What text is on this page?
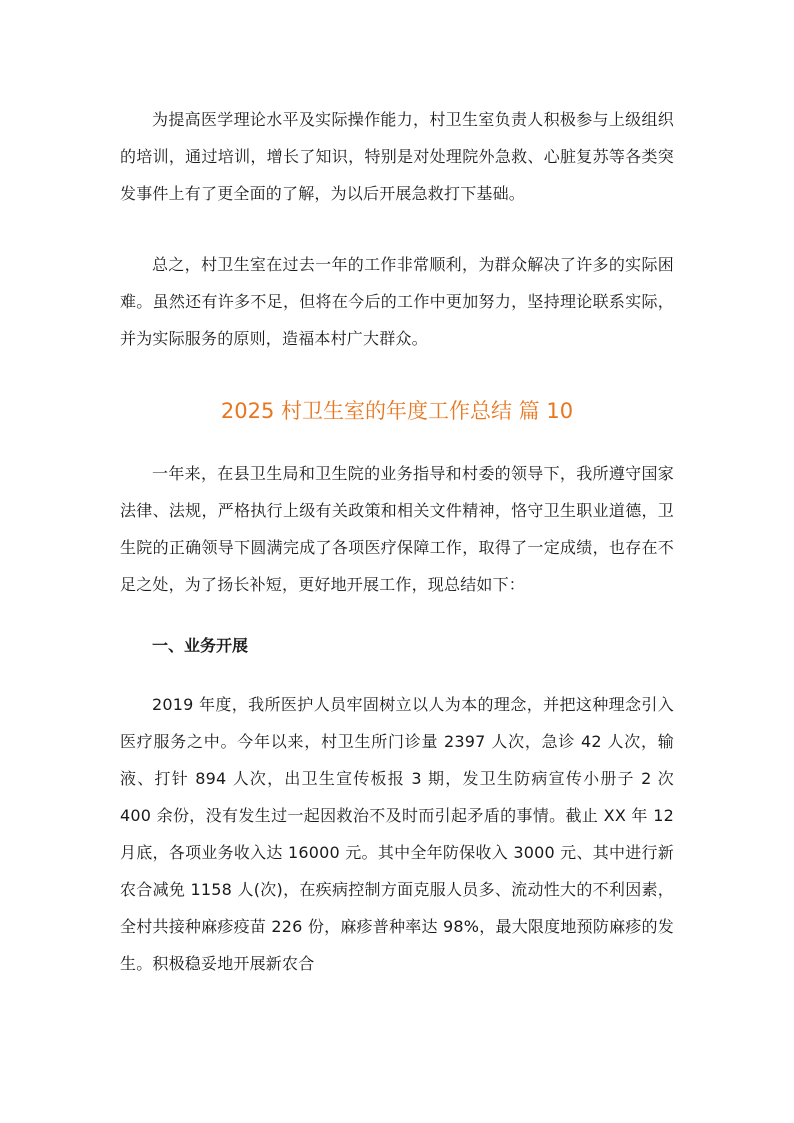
为提高医学理论水平及实际操作能力，村卫生室负责人积极参与上级组织的培训，通过培训，增长了知识，特别是对处理院外急救、心脏复苏等各类突发事件上有了更全面的了解，为以后开展急救打下基础。

总之，村卫生室在过去一年的工作非常顺利，为群众解决了许多的实际困难。虽然还有许多不足，但将在今后的工作中更加努力，坚持理论联系实际，并为实际服务的原则，造福本村广大群众。

2025 村卫生室的年度工作总结 篇 10

一年来，在县卫生局和卫生院的业务指导和村委的领导下，我所遵守国家法律、法规，严格执行上级有关政策和相关文件精神，恪守卫生职业道德，卫生院的正确领导下圆满完成了各项医疗保障工作，取得了一定成绩，也存在不足之处，为了扬长补短，更好地开展工作，现总结如下：

一、业务开展

2019 年度，我所医护人员牢固树立以人为本的理念，并把这种理念引入医疗服务之中。今年以来，村卫生所门诊量 2397 人次，急诊 42 人次，输液、打针 894 人次，出卫生宣传板报 3 期，发卫生防病宣传小册子 2 次 400 余份，没有发生过一起因救治不及时而引起矛盾的事情。截止 XX 年 12 月底，各项业务收入达 16000 元。其中全年防保收入 3000 元、其中进行新农合减免 1158 人(次)，在疾病控制方面克服人员多、流动性大的不利因素，全村共接种麻疹疫苗 226 份，麻疹普种率达 98%，最大限度地预防麻疹的发生。积极稳妥地开展新农合
